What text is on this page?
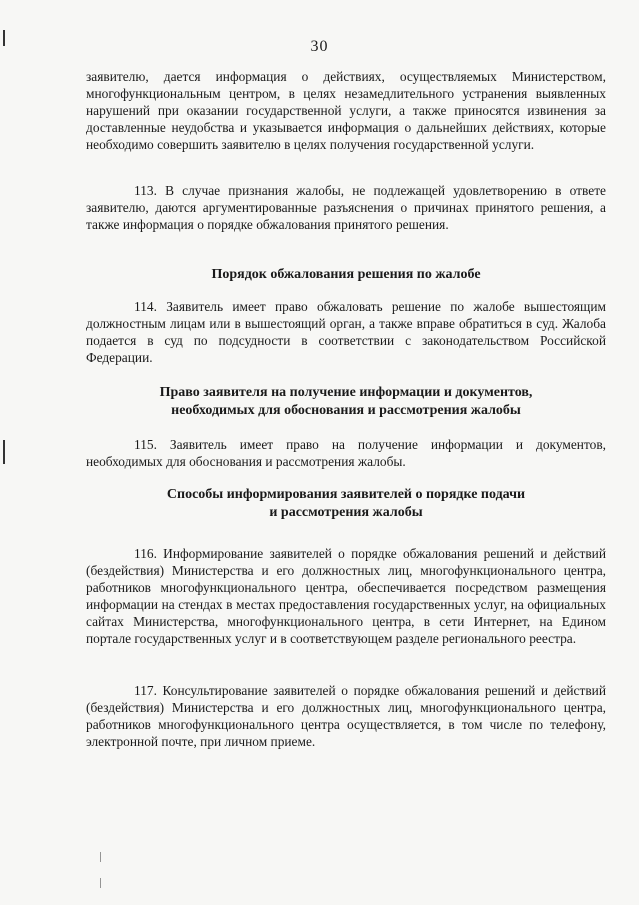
30

заявителю, дается информация о действиях, осуществляемых Министерством, многофункциональным центром, в целях незамедлительного устранения выявленных нарушений при оказании государственной услуги, а также приносятся извинения за доставленные неудобства и указывается информация о дальнейших действиях, которые необходимо совершить заявителю в целях получения государственной услуги.

113. В случае признания жалобы, не подлежащей удовлетворению в ответе заявителю, даются аргументированные разъяснения о причинах принятого решения, а также информация о порядке обжалования принятого решения.

Порядок обжалования решения по жалобе

114. Заявитель имеет право обжаловать решение по жалобе вышестоящим должностным лицам или в вышестоящий орган, а также вправе обратиться в суд. Жалоба подается в суд по подсудности в соответствии с законодательством Российской Федерации.

Право заявителя на получение информации и документов,

необходимых для обоснования и рассмотрения жалобы

115. Заявитель имеет право на получение информации и документов, необходимых для обоснования и рассмотрения жалобы.

Способы информирования заявителей о порядке подачи

и рассмотрения жалобы

116. Информирование заявителей о порядке обжалования решений и действий (бездействия) Министерства и его должностных лиц, многофункционального центра, работников многофункционального центра, обеспечивается посредством размещения информации на стендах в местах предоставления государственных услуг, на официальных сайтах Министерства, многофункционального центра, в сети Интернет, на Едином портале государственных услуг и в соответствующем разделе регионального реестра.

117. Консультирование заявителей о порядке обжалования решений и действий (бездействия) Министерства и его должностных лиц, многофункционального центра, работников многофункционального центра осуществляется, в том числе по телефону, электронной почте, при личном приеме.
